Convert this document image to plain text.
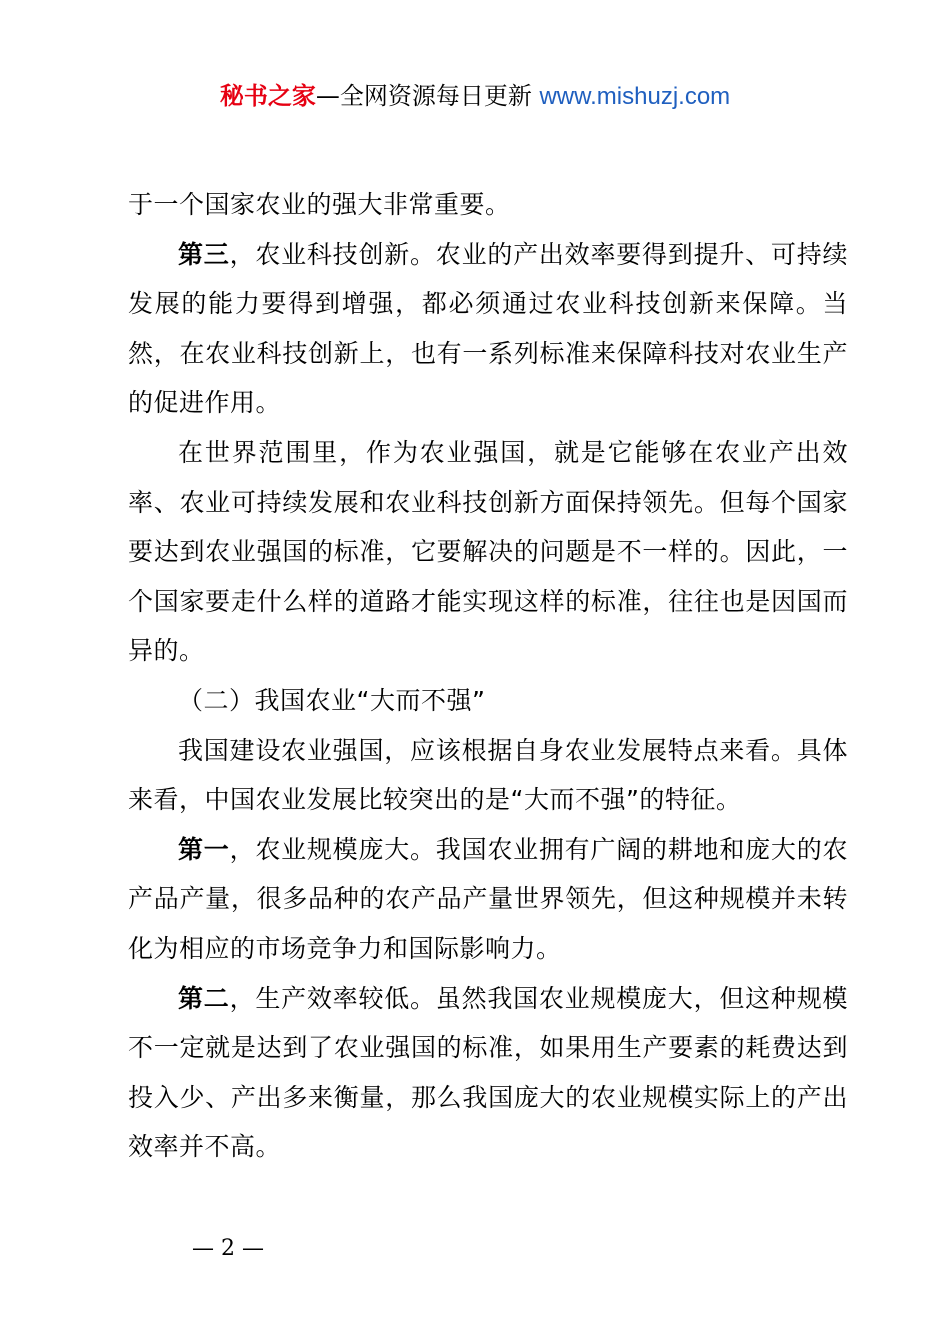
秘书之家—全网资源每日更新 www.mishuzj.com

于一个国家农业的强大非常重要。

第三，农业科技创新。农业的产出效率要得到提升、可持续发展的能力要得到增强，都必须通过农业科技创新来保障。当然，在农业科技创新上，也有一系列标准来保障科技对农业生产的促进作用。

在世界范围里，作为农业强国，就是它能够在农业产出效率、农业可持续发展和农业科技创新方面保持领先。但每个国家要达到农业强国的标准，它要解决的问题是不一样的。因此，一个国家要走什么样的道路才能实现这样的标准，往往也是因国而异的。

（二）我国农业“大而不强”

我国建设农业强国，应该根据自身农业发展特点来看。具体来看，中国农业发展比较突出的是“大而不强”的特征。

第一，农业规模庞大。我国农业拥有广阔的耕地和庞大的农产品产量，很多品种的农产品产量世界领先，但这种规模并未转化为相应的市场竞争力和国际影响力。

第二，生产效率较低。虽然我国农业规模庞大，但这种规模不一定就是达到了农业强国的标准，如果用生产要素的耗费达到投入少、产出多来衡量，那么我国庞大的农业规模实际上的产出效率并不高。

— 2 —
